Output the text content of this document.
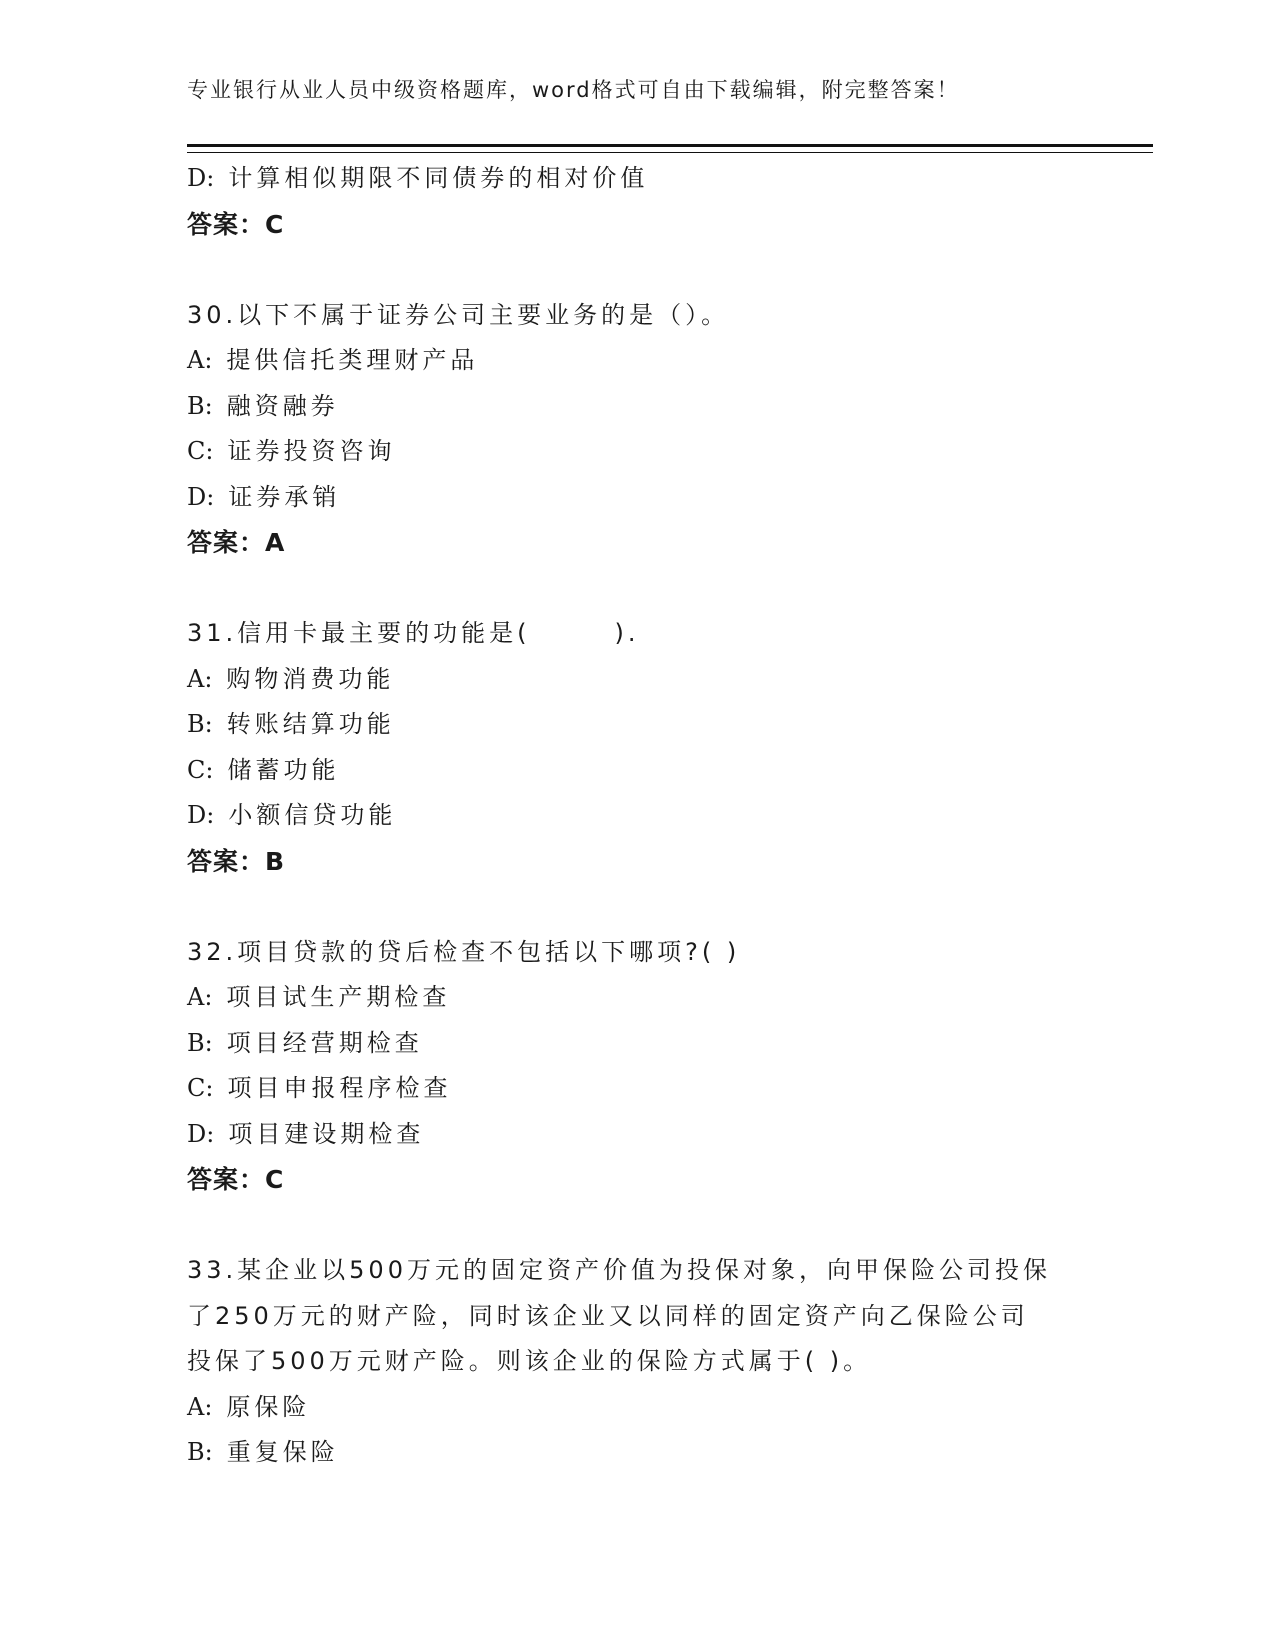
专业银行从业人员中级资格题库，word格式可自由下载编辑，附完整答案！
D: 计算相似期限不同债券的相对价值
答案：C
30.以下不属于证券公司主要业务的是（）。
A: 提供信托类理财产品
B: 融资融券
C: 证券投资咨询
D: 证券承销
答案：A
31.信用卡最主要的功能是(　　　).
A: 购物消费功能
B: 转账结算功能
C: 储蓄功能
D: 小额信贷功能
答案：B
32.项目贷款的贷后检查不包括以下哪项?( )
A: 项目试生产期检查
B: 项目经营期检查
C: 项目申报程序检查
D: 项目建设期检查
答案：C
33.某企业以500万元的固定资产价值为投保对象，向甲保险公司投保
了250万元的财产险，同时该企业又以同样的固定资产向乙保险公司
投保了500万元财产险。则该企业的保险方式属于( )。
A: 原保险
B: 重复保险
